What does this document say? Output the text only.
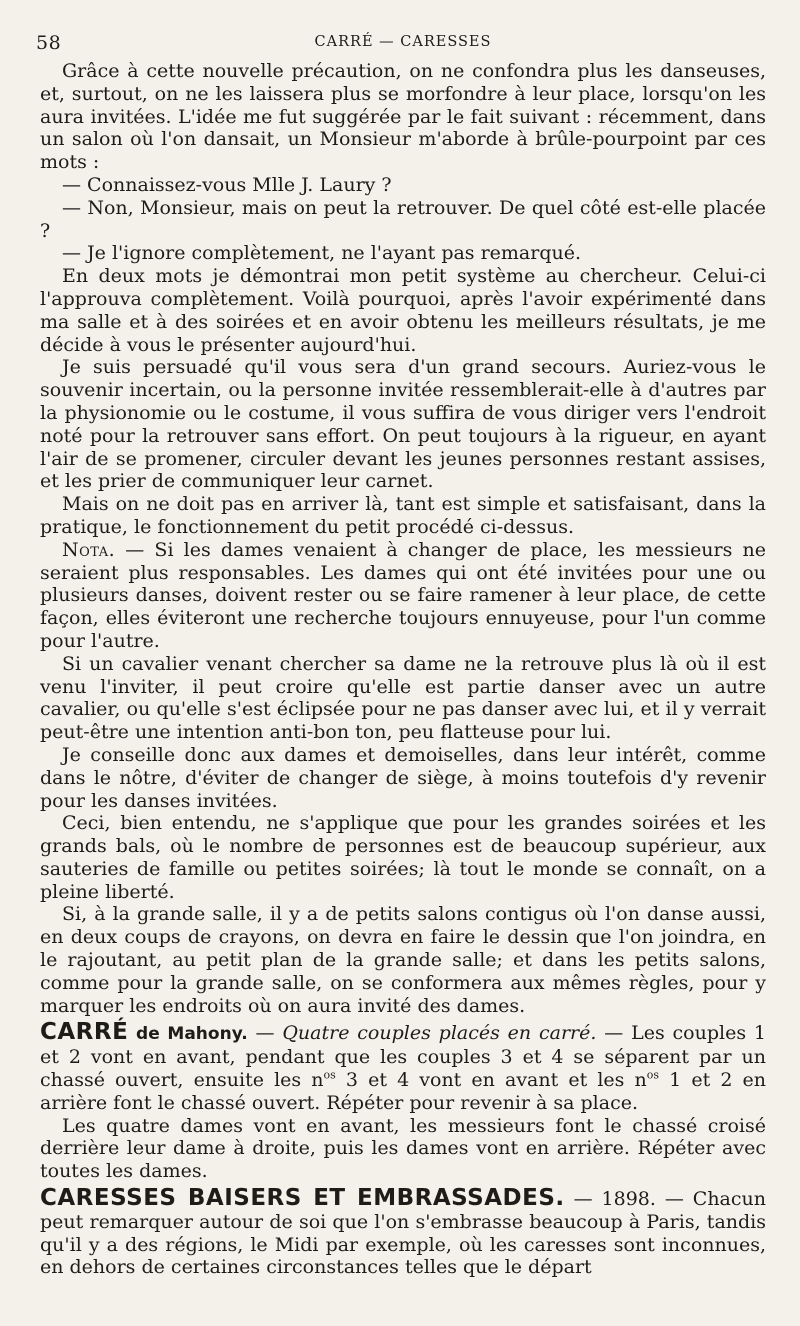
58	CARRÉ — CARESSES

Grâce à cette nouvelle précaution, on ne confondra plus les danseuses, et, surtout, on ne les laissera plus se morfondre à leur place, lorsqu'on les aura invitées. L'idée me fut suggérée par le fait suivant : récemment, dans un salon où l'on dansait, un Monsieur m'aborde à brûle-pourpoint par ces mots :

— Connaissez-vous Mlle J. Laury ?

— Non, Monsieur, mais on peut la retrouver. De quel côté est-elle placée ?

— Je l'ignore complètement, ne l'ayant pas remarqué.

En deux mots je démontrai mon petit système au chercheur. Celui-ci l'approuva complètement. Voilà pourquoi, après l'avoir expérimenté dans ma salle et à des soirées et en avoir obtenu les meilleurs résultats, je me décide à vous le présenter aujourd'hui.

Je suis persuadé qu'il vous sera d'un grand secours. Auriez-vous le souvenir incertain, ou la personne invitée ressemblerait-elle à d'autres par la physionomie ou le costume, il vous suffira de vous diriger vers l'endroit noté pour la retrouver sans effort. On peut toujours à la rigueur, en ayant l'air de se promener, circuler devant les jeunes personnes restant assises, et les prier de communiquer leur carnet.

Mais on ne doit pas en arriver là, tant est simple et satisfaisant, dans la pratique, le fonctionnement du petit procédé ci-dessus.

Nota. — Si les dames venaient à changer de place, les messieurs ne seraient plus responsables. Les dames qui ont été invitées pour une ou plusieurs danses, doivent rester ou se faire ramener à leur place, de cette façon, elles éviteront une recherche toujours ennuyeuse, pour l'un comme pour l'autre.

Si un cavalier venant chercher sa dame ne la retrouve plus là où il est venu l'inviter, il peut croire qu'elle est partie danser avec un autre cavalier, ou qu'elle s'est éclipsée pour ne pas danser avec lui, et il y verrait peut-être une intention anti-bon ton, peu flatteuse pour lui.

Je conseille donc aux dames et demoiselles, dans leur intérêt, comme dans le nôtre, d'éviter de changer de siège, à moins toutefois d'y revenir pour les danses invitées.

Ceci, bien entendu, ne s'applique que pour les grandes soirées et les grands bals, où le nombre de personnes est de beaucoup supérieur, aux sauteries de famille ou petites soirées; là tout le monde se connaît, on a pleine liberté.

Si, à la grande salle, il y a de petits salons contigus où l'on danse aussi, en deux coups de crayons, on devra en faire le dessin que l'on joindra, en le rajoutant, au petit plan de la grande salle; et dans les petits salons, comme pour la grande salle, on se conformera aux mêmes règles, pour y marquer les endroits où on aura invité des dames.

CARRÉ de Mahony. — Quatre couples placés en carré. — Les couples 1 et 2 vont en avant, pendant que les couples 3 et 4 se séparent par un chassé ouvert, ensuite les $n^{os}$ 3 et 4 vont en avant et les $n^{os}$ 1 et 2 en arrière font le chassé ouvert. Répéter pour revenir à sa place.

Les quatre dames vont en avant, les messieurs font le chassé croisé derrière leur dame à droite, puis les dames vont en arrière. Répéter avec toutes les dames.

CARESSES BAISERS ET EMBRASSADES. — 1898. — Chacun peut remarquer autour de soi que l'on s'embrasse beaucoup à Paris, tandis qu'il y a des régions, le Midi par exemple, où les caresses sont inconnues, en dehors de certaines circonstances telles que le départ
